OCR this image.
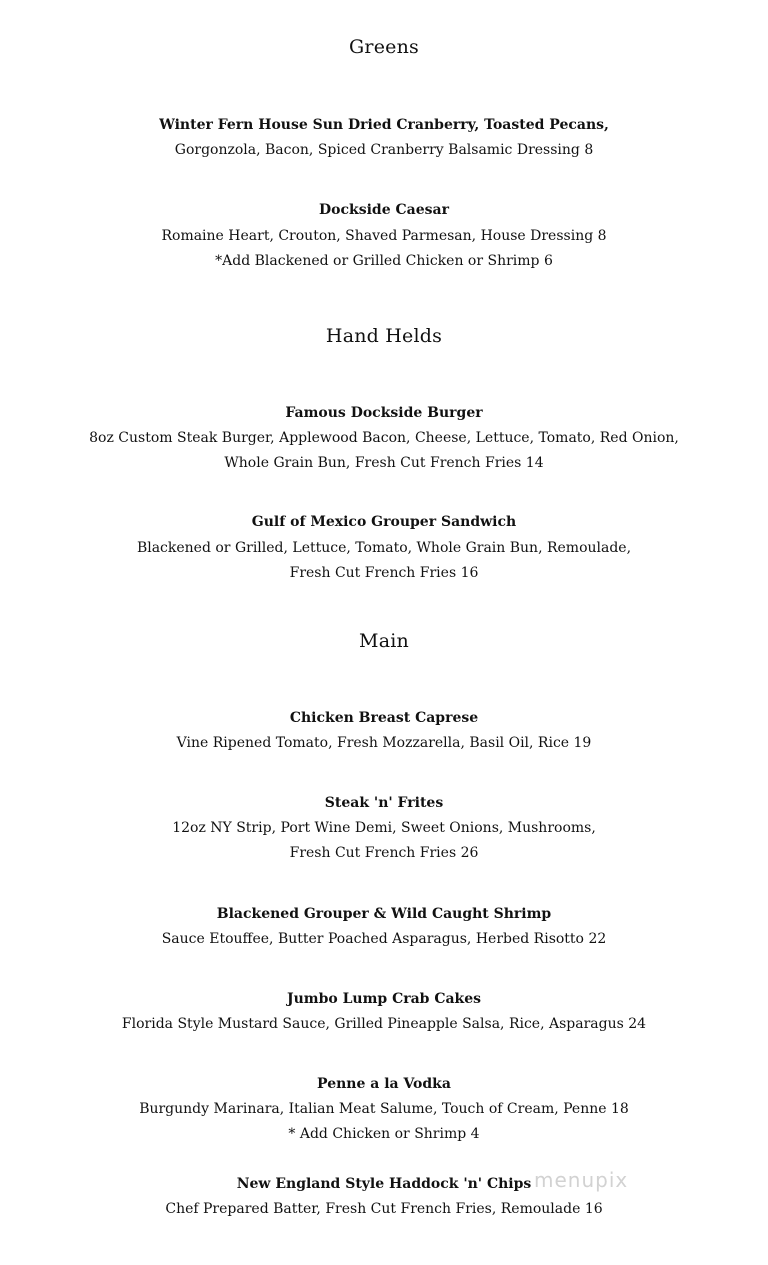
Greens
Winter Fern House Sun Dried Cranberry, Toasted Pecans,
Gorgonzola, Bacon, Spiced Cranberry Balsamic Dressing 8
Dockside Caesar
Romaine Heart, Crouton, Shaved Parmesan, House Dressing 8
*Add Blackened or Grilled Chicken or Shrimp 6
Hand Helds
Famous Dockside Burger
8oz Custom Steak Burger, Applewood Bacon, Cheese, Lettuce, Tomato, Red Onion,
Whole Grain Bun, Fresh Cut French Fries 14
Gulf of Mexico Grouper Sandwich
Blackened or Grilled, Lettuce, Tomato, Whole Grain Bun, Remoulade,
Fresh Cut French Fries 16
Main
Chicken Breast Caprese
Vine Ripened Tomato, Fresh Mozzarella, Basil Oil, Rice 19
Steak 'n' Frites
12oz NY Strip, Port Wine Demi, Sweet Onions, Mushrooms,
Fresh Cut French Fries 26
Blackened Grouper & Wild Caught Shrimp
Sauce Etouffee, Butter Poached Asparagus, Herbed Risotto 22
Jumbo Lump Crab Cakes
Florida Style Mustard Sauce, Grilled Pineapple Salsa, Rice, Asparagus 24
Penne a la Vodka
Burgundy Marinara, Italian Meat Salume, Touch of Cream, Penne 18
* Add Chicken or Shrimp 4
New England Style Haddock 'n' Chips
Chef Prepared Batter, Fresh Cut French Fries, Remoulade 16
menupix
